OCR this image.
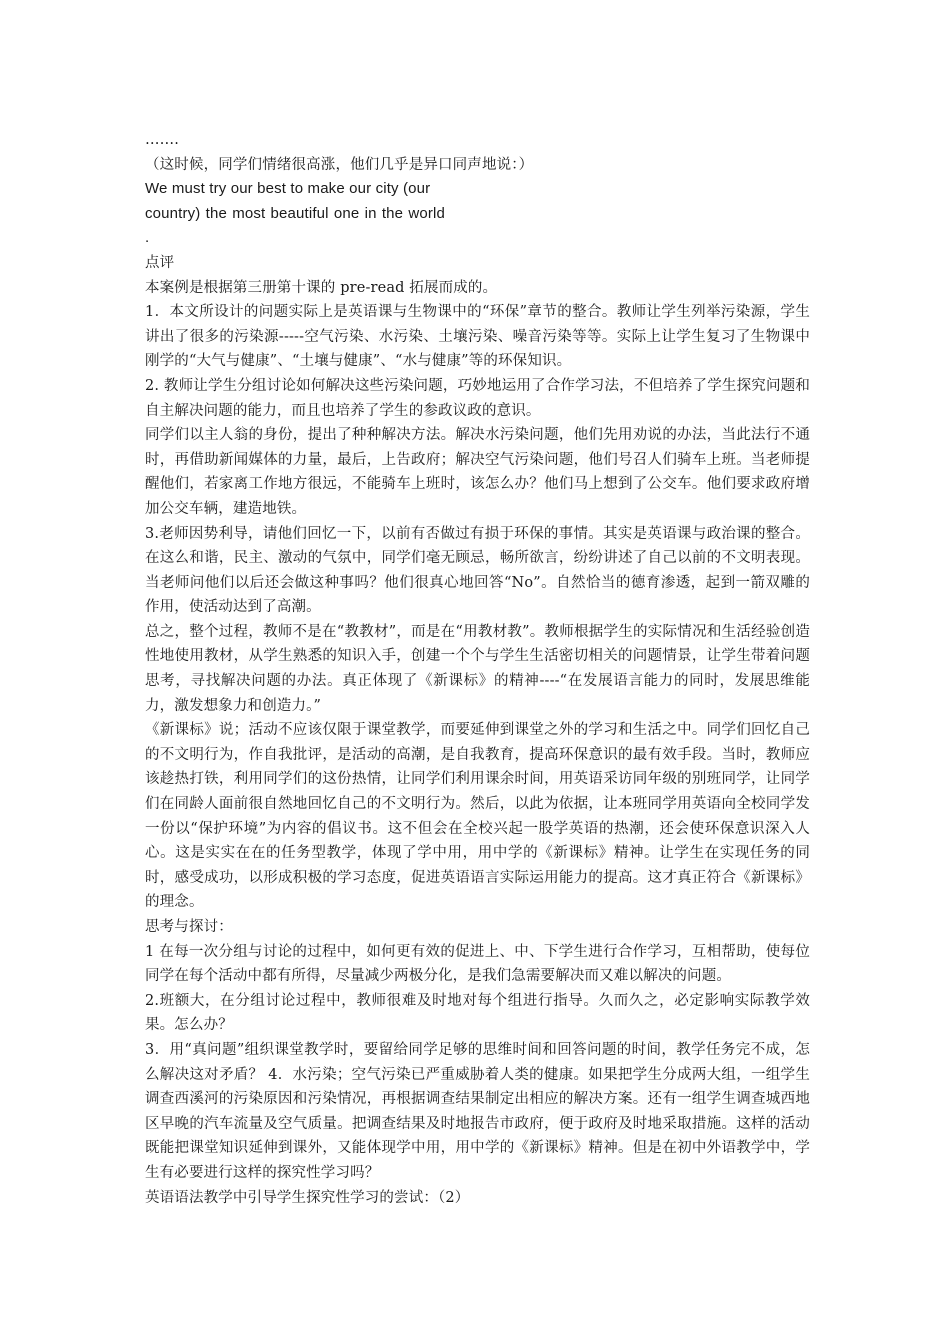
…….

（这时候，同学们情绪很高涨，他们几乎是异口同声地说：）

We must try our best to make our city (our

country) the most beautiful one in the world .

点评

本案例是根据第三册第十课的 pre-read 拓展而成的。

1．本文所设计的问题实际上是英语课与生物课中的“环保”章节的整合。教师让学生列举污染源，学生讲出了很多的污染源-----空气污染、水污染、土壤污染、噪音污染等等。实际上让学生复习了生物课中刚学的“大气与健康”、“土壤与健康”、“水与健康”等的环保知识。

2. 教师让学生分组讨论如何解决这些污染问题，巧妙地运用了合作学习法，不但培养了学生探究问题和自主解决问题的能力，而且也培养了学生的参政议政的意识。

同学们以主人翁的身份，提出了种种解决方法。解决水污染问题，他们先用劝说的办法，当此法行不通时，再借助新闻媒体的力量，最后，上告政府；解决空气污染问题，他们号召人们骑车上班。当老师提醒他们，若家离工作地方很远，不能骑车上班时，该怎么办？他们马上想到了公交车。他们要求政府增加公交车辆，建造地铁。

3.老师因势利导，请他们回忆一下，以前有否做过有损于环保的事情。其实是英语课与政治课的整合。在这么和谐，民主、激动的气氛中，同学们毫无顾忌，畅所欲言，纷纷讲述了自己以前的不文明表现。当老师问他们以后还会做这种事吗？他们很真心地回答“No”。自然恰当的德育渗透，起到一箭双雕的作用，使活动达到了高潮。

总之，整个过程，教师不是在“教教材”，而是在“用教材教”。教师根据学生的实际情况和生活经验创造性地使用教材，从学生熟悉的知识入手，创建一个个与学生生活密切相关的问题情景，让学生带着问题思考，寻找解决问题的办法。真正体现了《新课标》的精神----“在发展语言能力的同时，发展思维能力，激发想象力和创造力。”

《新课标》说；活动不应该仅限于课堂教学，而要延伸到课堂之外的学习和生活之中。同学们回忆自己的不文明行为，作自我批评，是活动的高潮，是自我教育，提高环保意识的最有效手段。当时，教师应该趁热打铁，利用同学们的这份热情，让同学们利用课余时间，用英语采访同年级的别班同学，让同学们在同龄人面前很自然地回忆自己的不文明行为。然后，以此为依据，让本班同学用英语向全校同学发一份以“保护环境”为内容的倡议书。这不但会在全校兴起一股学英语的热潮，还会使环保意识深入人心。这是实实在在的任务型教学，体现了学中用，用中学的《新课标》精神。让学生在实现任务的同时，感受成功，以形成积极的学习态度，促进英语语言实际运用能力的提高。这才真正符合《新课标》的理念。

思考与探讨：

1 在每一次分组与讨论的过程中，如何更有效的促进上、中、下学生进行合作学习，互相帮助，使每位同学在每个活动中都有所得，尽量减少两极分化，是我们急需要解决而又难以解决的问题。

2.班额大，在分组讨论过程中，教师很难及时地对每个组进行指导。久而久之，必定影响实际教学效果。怎么办？

3．用“真问题”组织课堂教学时，要留给同学足够的思维时间和回答问题的时间，教学任务完不成，怎么解决这对矛盾？ 4．水污染；空气污染已严重威胁着人类的健康。如果把学生分成两大组，一组学生调查西溪河的污染原因和污染情况，再根据调查结果制定出相应的解决方案。还有一组学生调查城西地区早晚的汽车流量及空气质量。把调查结果及时地报告市政府，便于政府及时地采取措施。这样的活动既能把课堂知识延伸到课外，又能体现学中用，用中学的《新课标》精神。但是在初中外语教学中，学生有必要进行这样的探究性学习吗？

英语语法教学中引导学生探究性学习的尝试：（2）
